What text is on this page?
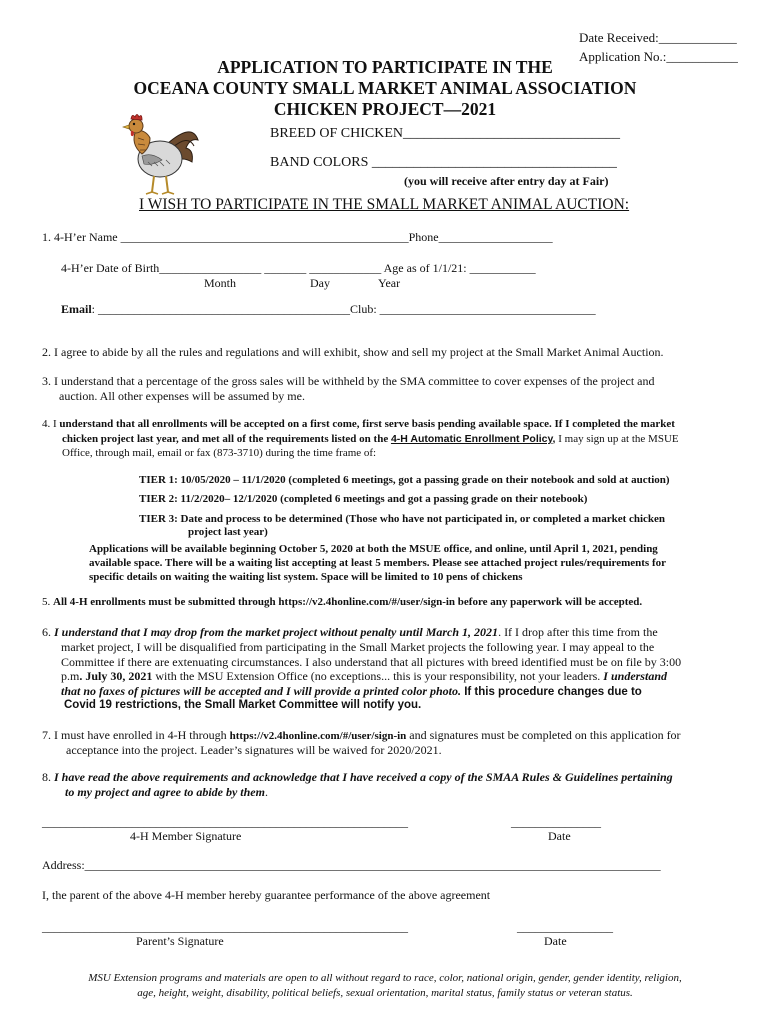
Date Received:____________
Application No.:___________
APPLICATION TO PARTICIPATE IN THE
OCEANA COUNTY SMALL MARKET ANIMAL ASSOCIATION
CHICKEN PROJECT—2021
BREED OF CHICKEN_______________________________
BAND COLORS ___________________________________
(you will receive after entry day at Fair)
I WISH TO PARTICIPATE IN THE SMALL MARKET ANIMAL AUCTION:
1. 4-H’er Name ________________________________________________Phone___________________
4-H’er Date of Birth_________________ _______ ____________ Age as of 1/1/21: ___________
Month	Day	Year
Email: __________________________________________Club: ____________________________________
2. I agree to abide by all the rules and regulations and will exhibit, show and sell my project at the Small Market Animal Auction.
3. I understand that a percentage of the gross sales will be withheld by the SMA committee to cover expenses of the project and
auction. All other expenses will be assumed by me.
4. I understand that all enrollments will be accepted on a first come, first serve basis pending available space. If I completed the market
chicken project last year, and met all of the requirements listed on the 4-H Automatic Enrollment Policy, I may sign up at the MSUE
Office, through mail, email or fax (873-3710) during the time frame of:
TIER 1: 10/05/2020 – 11/1/2020 (completed 6 meetings, got a passing grade on their notebook and sold at auction)
TIER 2: 11/2/2020– 12/1/2020 (completed 6 meetings and got a passing grade on their notebook)
TIER 3: Date and process to be determined (Those who have not participated in, or completed a market chicken
project last year)
Applications will be available beginning October 5, 2020 at both the MSUE office, and online, until April 1, 2021, pending
available space. There will be a waiting list accepting at least 5 members. Please see attached project rules/requirements for
specific details on waiting the waiting list system. Space will be limited to 10 pens of chickens
5. All 4-H enrollments must be submitted through https://v2.4honline.com/#/user/sign-in before any paperwork will be accepted.
6. I understand that I may drop from the market project without penalty until March 1, 2021. If I drop after this time from the
market project, I will be disqualified from participating in the Small Market projects the following year. I may appeal to the
Committee if there are extenuating circumstances. I also understand that all pictures with breed identified must be on file by 3:00
p.m. July 30, 2021 with the MSU Extension Office (no exceptions... this is your responsibility, not your leaders. I understand
that no faxes of pictures will be accepted and I will provide a printed color photo. If this procedure changes due to
Covid 19 restrictions, the Small Market Committee will notify you.
7. I must have enrolled in 4-H through https://v2.4honline.com/#/user/sign-in and signatures must be completed on this application for
acceptance into the project. Leader’s signatures will be waived for 2020/2021.
8. I have read the above requirements and acknowledge that I have received a copy of the SMAA Rules & Guidelines pertaining
to my project and agree to abide by them.
_____________________________________________________________
4-H Member Signature
_______________
Date
Address:________________________________________________________________________________________________
I, the parent of the above 4-H member hereby guarantee performance of the above agreement
_____________________________________________________________
Parent’s Signature
________________
Date
MSU Extension programs and materials are open to all without regard to race, color, national origin, gender, gender identity, religion,
age, height, weight, disability, political beliefs, sexual orientation, marital status, family status or veteran status.
